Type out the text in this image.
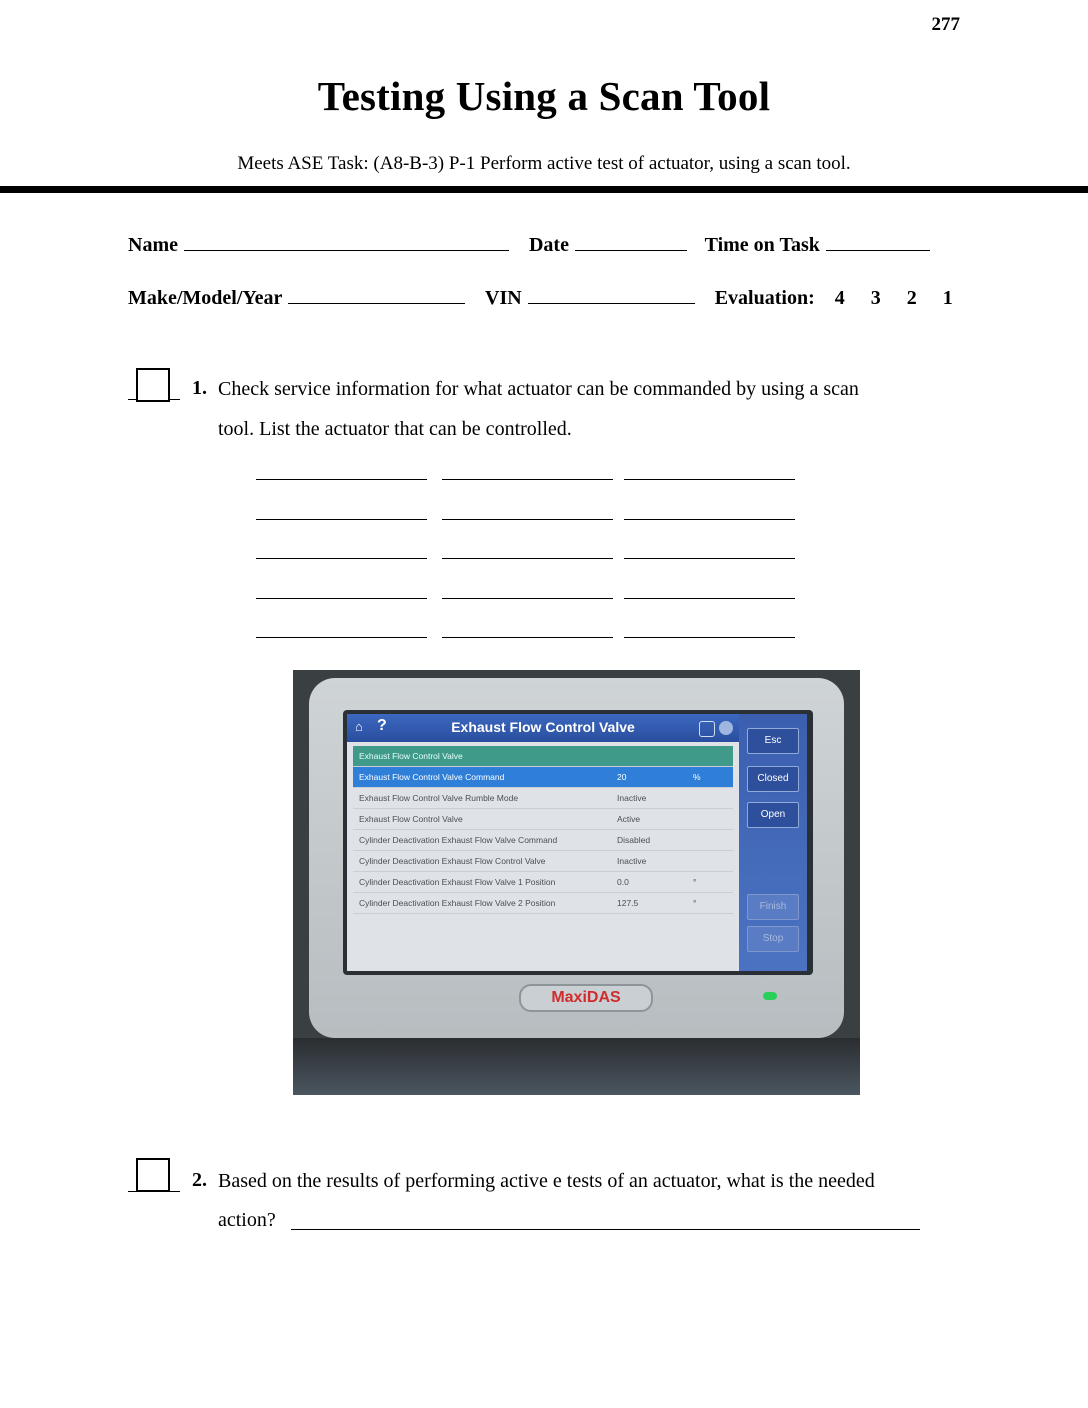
277
Testing Using a Scan Tool
Meets ASE Task: (A8-B-3) P-1 Perform active test of actuator, using a scan tool.
Name	Date	Time on Task
Make/Model/Year	VIN	Evaluation: 4 3 2 1
1. Check service information for what actuator can be commanded by using a scan
tool. List the actuator that can be controlled.
⌂ ?	Exhaust Flow Control Valve
Exhaust Flow Control Valve
Exhaust Flow Control Valve Command	20	%
Exhaust Flow Control Valve Rumble Mode	Inactive
Exhaust Flow Control Valve	Active
Cylinder Deactivation Exhaust Flow Valve Command	Disabled
Cylinder Deactivation Exhaust Flow Control Valve	Inactive
Cylinder Deactivation Exhaust Flow Valve 1 Position	0.0	°
Cylinder Deactivation Exhaust Flow Valve 2 Position	127.5	°
Esc
Closed
Open
Finish
Stop
MaxiDAS
2. Based on the results of performing active e tests of an actuator, what is the needed
action?
